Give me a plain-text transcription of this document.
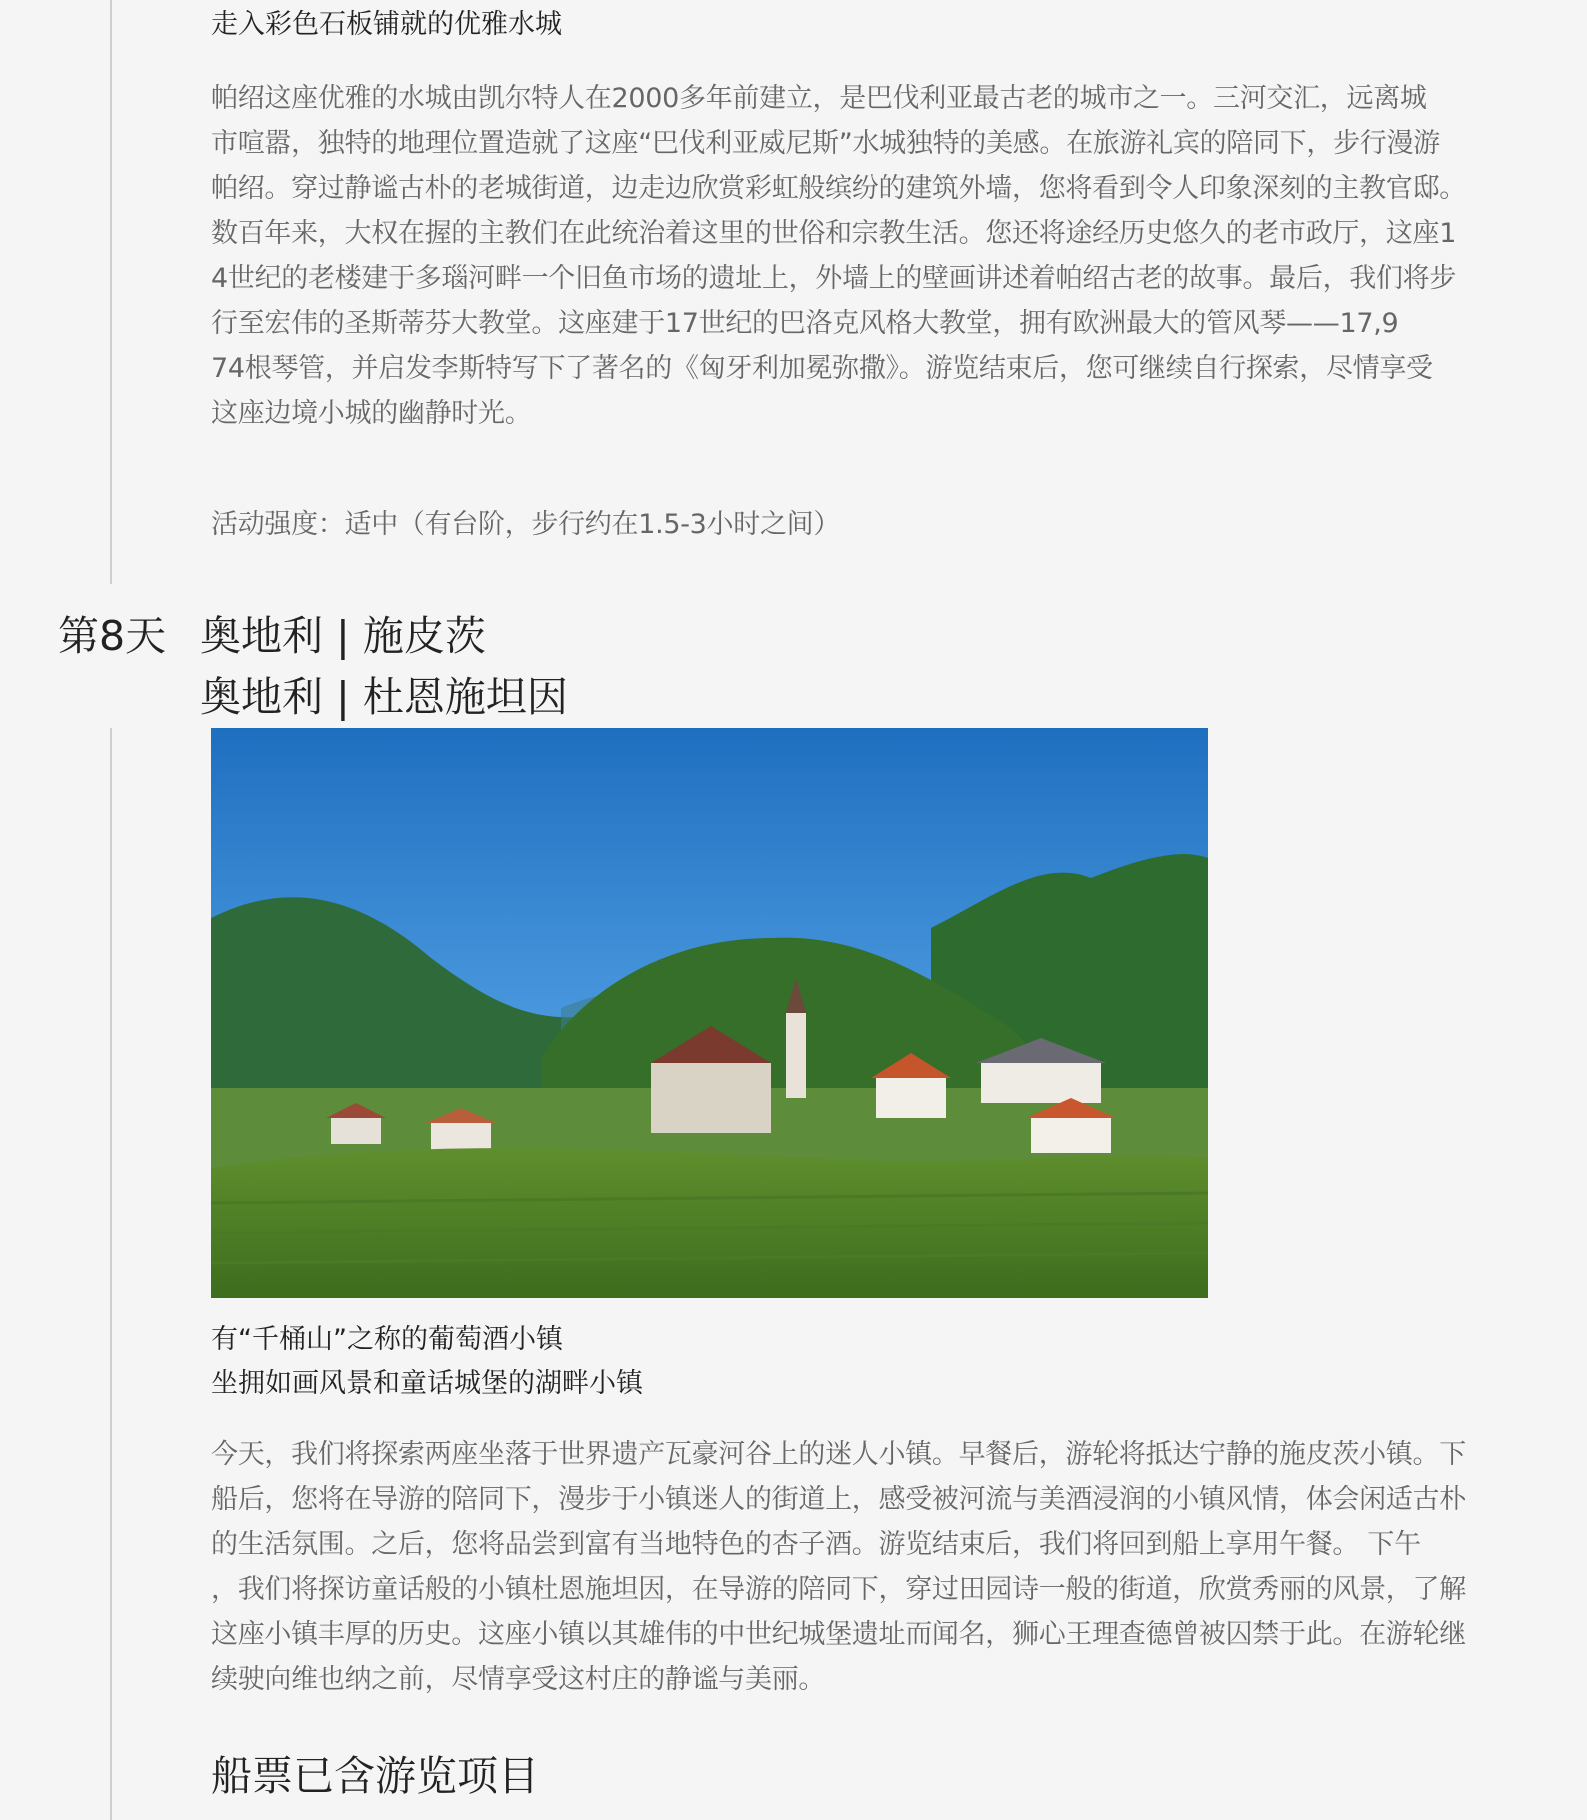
走入彩色石板铺就的优雅水城

帕绍这座优雅的水城由凯尔特人在2000多年前建立，是巴伐利亚最古老的城市之一。三河交汇，远离城
市喧嚣，独特的地理位置造就了这座“巴伐利亚威尼斯”水城独特的美感。在旅游礼宾的陪同下，步行漫游
帕绍。穿过静谧古朴的老城街道，边走边欣赏彩虹般缤纷的建筑外墙，您将看到令人印象深刻的主教官邸。
数百年来，大权在握的主教们在此统治着这里的世俗和宗教生活。您还将途经历史悠久的老市政厅，这座1
4世纪的老楼建于多瑙河畔一个旧鱼市场的遗址上，外墙上的壁画讲述着帕绍古老的故事。最后，我们将步
行至宏伟的圣斯蒂芬大教堂。这座建于17世纪的巴洛克风格大教堂，拥有欧洲最大的管风琴——17,9
74根琴管，并启发李斯特写下了著名的《匈牙利加冕弥撒》。游览结束后，您可继续自行探索，尽情享受
这座边境小城的幽静时光。

活动强度：适中（有台阶，步行约在1.5-3小时之间）

第8天 奥地利 | 施皮茨
奥地利 | 杜恩施坦因
有“千桶山”之称的葡萄酒小镇
坐拥如画风景和童话城堡的湖畔小镇

今天，我们将探索两座坐落于世界遗产瓦豪河谷上的迷人小镇。早餐后，游轮将抵达宁静的施皮茨小镇。下
船后，您将在导游的陪同下，漫步于小镇迷人的街道上，感受被河流与美酒浸润的小镇风情，体会闲适古朴
的生活氛围。之后，您将品尝到富有当地特色的杏子酒。游览结束后，我们将回到船上享用午餐。 下午
，我们将探访童话般的小镇杜恩施坦因，在导游的陪同下，穿过田园诗一般的街道，欣赏秀丽的风景，了解
这座小镇丰厚的历史。这座小镇以其雄伟的中世纪城堡遗址而闻名，狮心王理查德曾被囚禁于此。在游轮继
续驶向维也纳之前，尽情享受这村庄的静谧与美丽。

船票已含游览项目
